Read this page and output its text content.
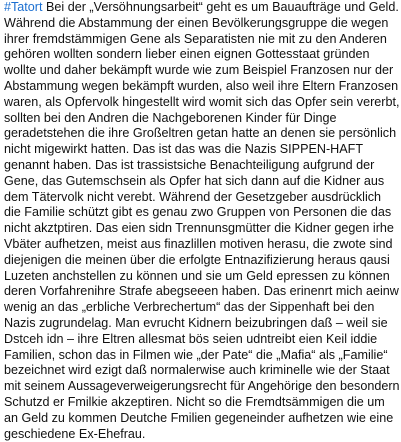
#Tatort Bei der „Versöhnungsarbeit“ geht es um Bauaufträge und Geld. Während die Abstammung der einen Bevölkerungsgruppe die wegen ihrer fremdstämmigen Gene als Separatisten nie mit zu den Anderen gehören wollten sondern lieber einen eignen Gottesstaat gründen wollte und daher bekämpft wurde wie zum Beispiel Franzosen nur der Abstammung wegen bekämpft wurden, also weil ihre Eltern Franzosen waren, als Opfervolk hingestellt wird womit sich das Opfer sein vererbt, sollten bei den Andren die Nachgeborenen Kinder für Dinge geradetstehen die ihre Großeltren getan hatte an denen sie persönlich nicht migewirkt hatten. Das ist das was die Nazis SIPPEN-HAFT genannt haben. Das ist trassistsiche Benachteiligung aufgrund der Gene, das Gutemschsein als Opfer hat sich dann auf die Kidner aus dem Tätervolk nicht verebt. Während der Gesetzgeber ausdrücklich die Familie schützt gibt es genau zwo Gruppen von Personen die das nicht akztptiren. Das eien sidn Trennunsgmütter die Kidner gegen irhe Vbäter aufhetzen, meist aus finazlillen motiven herasu, die zwote sind diejenigen die meinen über die erfolgte Entnazifizierung heraus qausi Luzeten anchstellen zu können und sie um Geld epressen zu können deren Vorfahrenihre Strafe abegseeen haben. Das erinenrt mich aeinw wenig an das „erbliche Verbrechertum“ das der Sippenhaft bei den Nazis zugrundelag. Man evrucht Kidnern beizubringen daß – weil sie Dstceh idn – ihre Eltren allesmat bös seien udntreibt eien Keil iddie Familien, schon das in Filmen wie „der Pate“ die „Mafia“ als „Familie“ bezeichnet wird ezigt daß normalerwise auch kriminelle wie der Staat mit seinem Aussageverweigerungsrecht für Angehörige den besondern Schutzd er Fmilkie akzeptiren. Nicht so die Fremdtsämmigen die um an Geld zu kommen Deutche Fmilien gegeneinder aufhetzen wie eine geschiedene Ex-Ehefrau.
